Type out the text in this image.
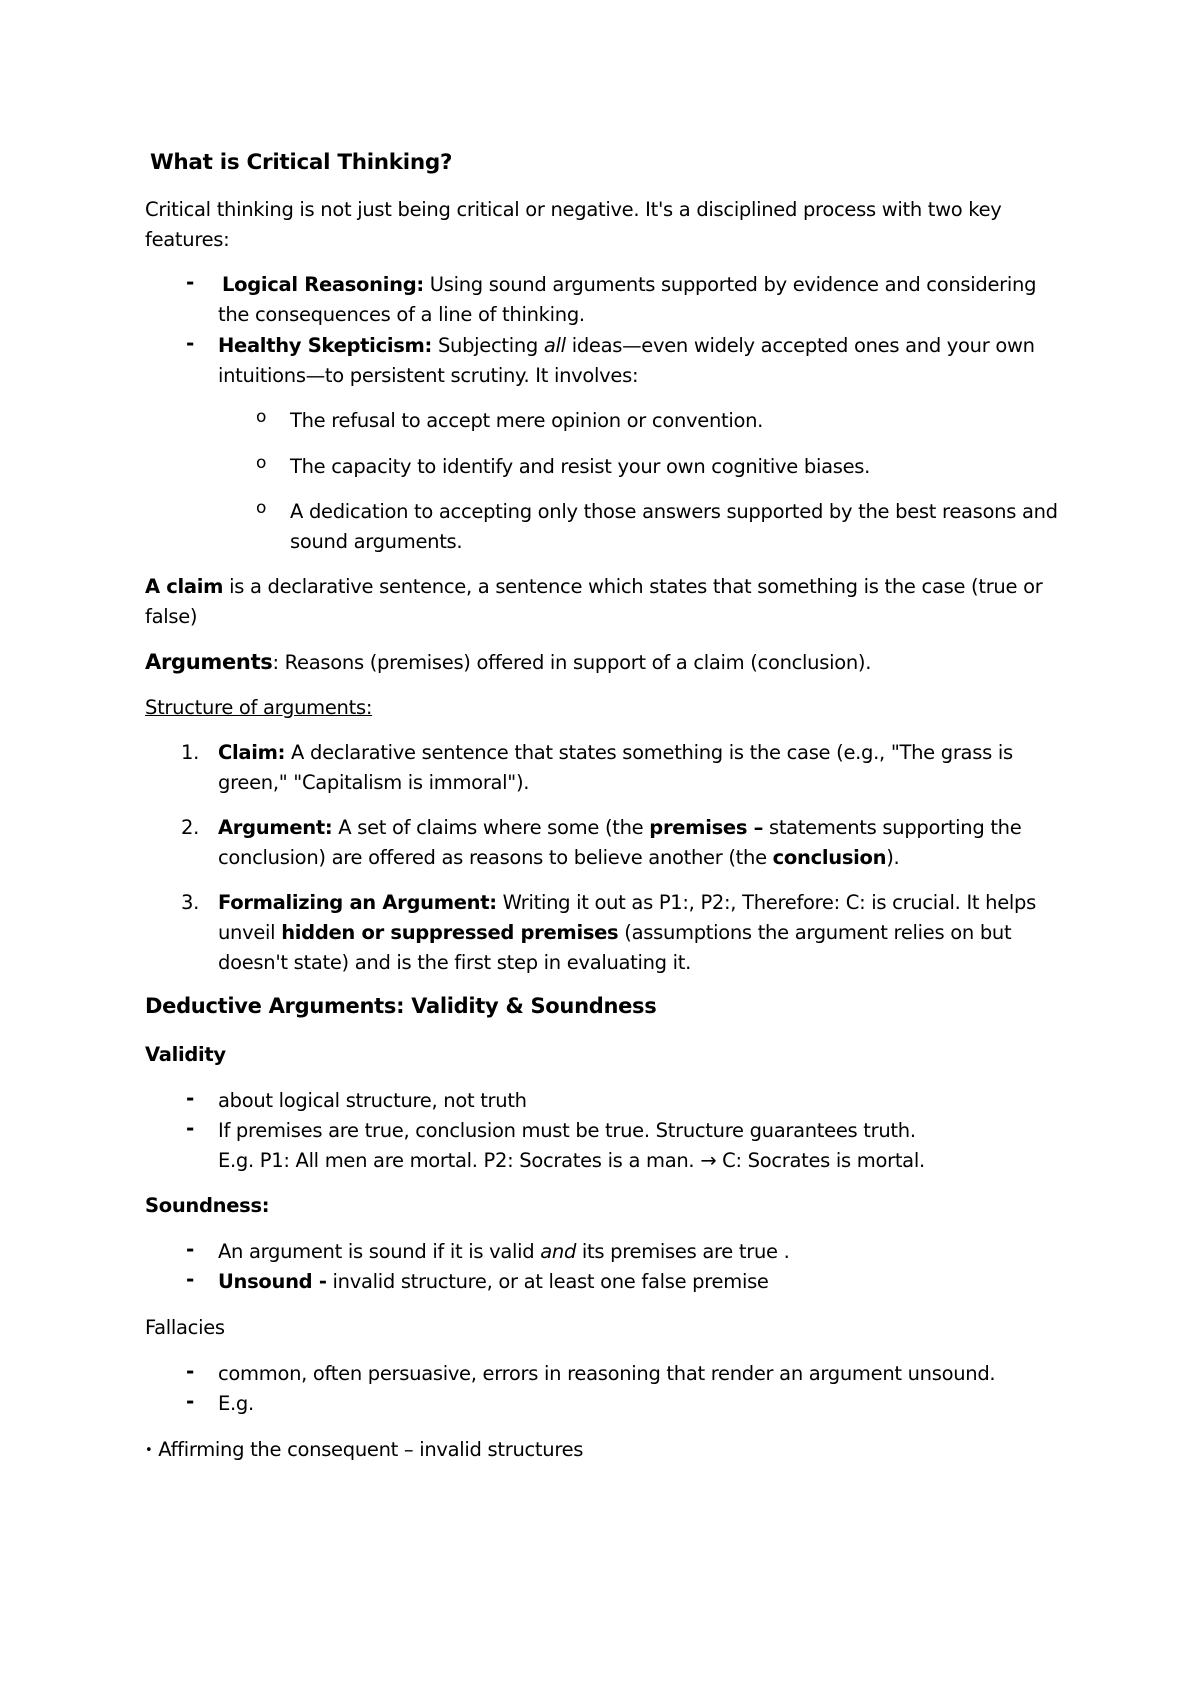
What is Critical Thinking?
Critical thinking is not just being critical or negative. It's a disciplined process with two key
features:
- Logical Reasoning: Using sound arguments supported by evidence and considering
the consequences of a line of thinking.
- Healthy Skepticism: Subjecting all ideas—even widely accepted ones and your own
intuitions—to persistent scrutiny. It involves:
o The refusal to accept mere opinion or convention.
o The capacity to identify and resist your own cognitive biases.
o A dedication to accepting only those answers supported by the best reasons and
sound arguments.
A claim is a declarative sentence, a sentence which states that something is the case (true or
false)
Arguments: Reasons (premises) offered in support of a claim (conclusion).
Structure of arguments:
1. Claim: A declarative sentence that states something is the case (e.g., "The grass is
green," "Capitalism is immoral").
2. Argument: A set of claims where some (the premises – statements supporting the
conclusion) are offered as reasons to believe another (the conclusion).
3. Formalizing an Argument: Writing it out as P1:, P2:, Therefore: C: is crucial. It helps
unveil hidden or suppressed premises (assumptions the argument relies on but
doesn't state) and is the first step in evaluating it.
Deductive Arguments: Validity & Soundness
Validity
- about logical structure, not truth
- If premises are true, conclusion must be true. Structure guarantees truth.
E.g. P1: All men are mortal. P2: Socrates is a man. → C: Socrates is mortal.
Soundness:
- An argument is sound if it is valid and its premises are true .
- Unsound - invalid structure, or at least one false premise
Fallacies
- common, often persuasive, errors in reasoning that render an argument unsound.
- E.g.
• Affirming the consequent – invalid structures
